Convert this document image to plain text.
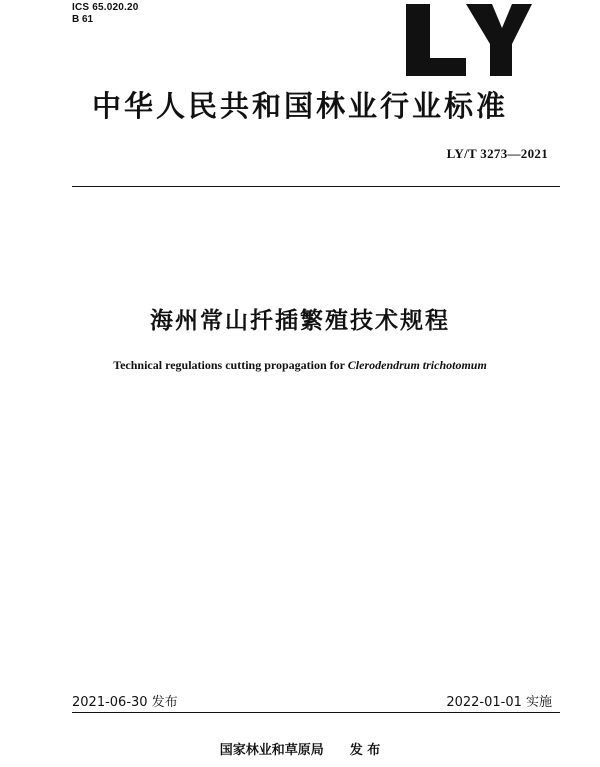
ICS 65.020.20
B 61
中华人民共和国林业行业标准
LY/T 3273—2021
海州常山扦插繁殖技术规程
Technical regulations cutting propagation for Clerodendrum trichotomum
2021-06-30 发布	2022-01-01 实施
国家林业和草原局 发 布
